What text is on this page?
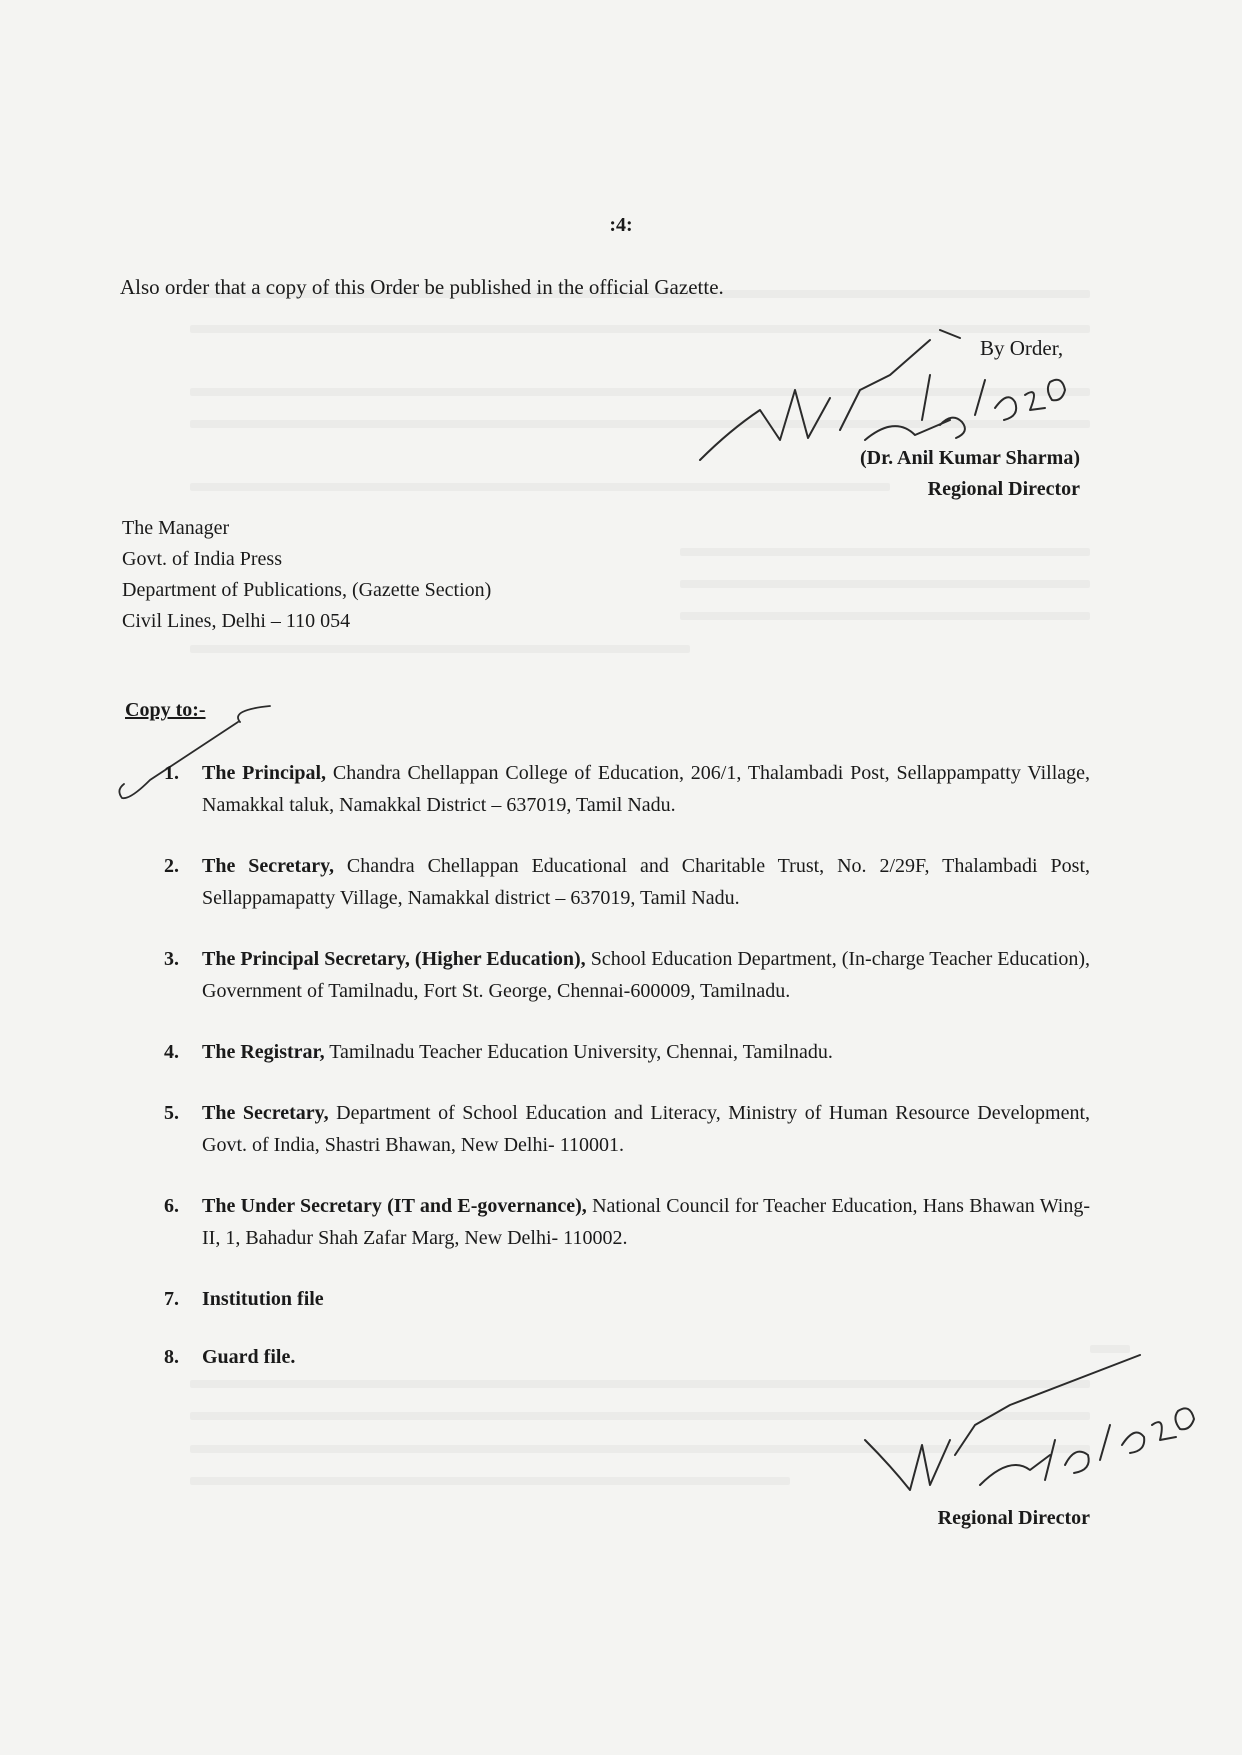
:4:
Also order that a copy of this Order be published in the official Gazette.
By Order,
(Dr. Anil Kumar Sharma)
Regional Director
The Manager
Govt. of India Press
Department of Publications, (Gazette Section)
Civil Lines, Delhi – 110 054
Copy to:-
1. The Principal, Chandra Chellappan College of Education, 206/1, Thalambadi Post, Sellappampatty Village, Namakkal taluk, Namakkal District – 637019, Tamil Nadu.
2. The Secretary, Chandra Chellappan Educational and Charitable Trust, No. 2/29F, Thalambadi Post, Sellappamapatty Village, Namakkal district – 637019, Tamil Nadu.
3. The Principal Secretary, (Higher Education), School Education Department, (In-charge Teacher Education), Government of Tamilnadu, Fort St. George, Chennai-600009, Tamilnadu.
4. The Registrar, Tamilnadu Teacher Education University, Chennai, Tamilnadu.
5. The Secretary, Department of School Education and Literacy, Ministry of Human Resource Development, Govt. of India, Shastri Bhawan, New Delhi- 110001.
6. The Under Secretary (IT and E-governance), National Council for Teacher Education, Hans Bhawan Wing-II, 1, Bahadur Shah Zafar Marg, New Delhi- 110002.
7. Institution file
8. Guard file.
Regional Director
